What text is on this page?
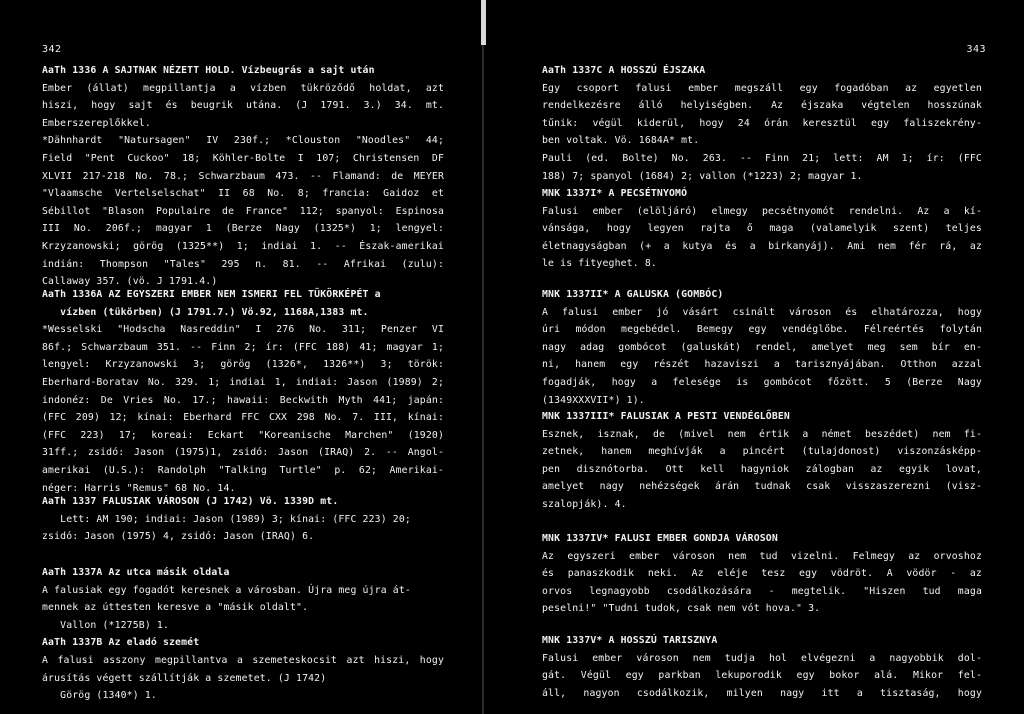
342
AaTh 1336 A SAJTNAK NÉZETT HOLD. Vízbeugrás a sajt után
Ember (állat) megpillantja a vízben tükröződő holdat, azt
hiszi, hogy sajt és beugrik utána. (J 1791. 3.) 34. mt.
Emberszereplőkkel.
*Dähnhardt "Natursagen" IV 230f.; *Clouston "Noodles" 44;
Field "Pent Cuckoo" 18; Köhler-Bolte I 107; Christensen DF
XLVII 217-218 No. 78.; Schwarzbaum 473. -- Flamand: de MEYER
"Vlaamsche Vertelselschat" II 68 No. 8; francia: Gaidoz et
Sébillot "Blason Populaire de France" 112; spanyol: Espinosa
III No. 206f.; magyar 1 (Berze Nagy (1325*) 1; lengyel:
Krzyzanowski; görög (1325**) 1; indiai 1. -- Észak-amerikai
indián: Thompson "Tales" 295 n. 81. -- Afrikai (zulu):
Callaway 357. (vö. J 1791.4.)
AaTh 1336A AZ EGYSZERI EMBER NEM ISMERI FEL TÜKÖRKÉPÉT a
vízben (tükörben) (J 1791.7.) Vö.92, 1168A,1383 mt.
*Wesselski "Hodscha Nasreddin" I 276 No. 311; Penzer VI
86f.; Schwarzbaum 351. -- Finn 2; ír: (FFC 188) 41; magyar 1;
lengyel: Krzyzanowski 3; görög (1326*, 1326**) 3; török:
Eberhard-Boratav No. 329. 1; indiai 1, indiai: Jason (1989) 2;
indonéz: De Vries No. 17.; hawaii: Beckwith Myth 441; japán:
(FFC 209) 12; kínai: Eberhard FFC CXX 298 No. 7. III, kínai:
(FFC 223) 17; koreai: Eckart "Koreanische Marchen" (1920)
31ff.; zsidó: Jason (1975)1, zsidó: Jason (IRAQ) 2. -- Angol-
amerikai (U.S.): Randolph "Talking Turtle" p. 62; Amerikai-
néger: Harris "Remus" 68 No. 14.
AaTh 1337 FALUSIAK VÁROSON (J 1742) Vö. 1339D mt.
Lett: AM 190; indiai: Jason (1989) 3; kínai: (FFC 223) 20;
zsidó: Jason (1975) 4, zsidó: Jason (IRAQ) 6.
AaTh 1337A Az utca másik oldala
A falusiak egy fogadót keresnek a városban. Újra meg újra át-
mennek az úttesten keresve a "másik oldalt".
Vallon (*1275B) 1.
AaTh 1337B Az eladó szemét
A falusi asszony megpillantva a szemeteskocsit azt hiszi, hogy
árusítás végett szállítják a szemetet. (J 1742)
Görög (1340*) 1.
343
AaTh 1337C A HOSSZÚ ÉJSZAKA
Egy csoport falusi ember megszáll egy fogadóban az egyetlen
rendelkezésre álló helyiségben. Az éjszaka végtelen hosszúnak
tűnik: végül kiderül, hogy 24 órán keresztül egy faliszekrény-
ben voltak. Vö. 1684A* mt.
Pauli (ed. Bolte) No. 263. -- Finn 21; lett: AM 1; ír: (FFC
188) 7; spanyol (1684) 2; vallon (*1223) 2; magyar 1.
MNK 1337I* A PECSÉTNYOMÓ
Falusi ember (elöljáró) elmegy pecsétnyomót rendelni. Az a kí-
vánsága, hogy legyen rajta ő maga (valamelyik szent) teljes
életnagyságban (+ a kutya és a birkanyáj). Ami nem fér rá, az
le is fityeghet. 8.
MNK 1337II* A GALUSKA (GOMBÓC)
A falusi ember jó vásárt csinált városon és elhatározza, hogy
úri módon megebédel. Bemegy egy vendéglőbe. Félreértés folytán
nagy adag gombócot (galuskát) rendel, amelyet meg sem bír en-
ni, hanem egy részét hazaviszi a tarisznyájában. Otthon azzal
fogadják, hogy a felesége is gombócot főzött. 5 (Berze Nagy
(1349XXXVII*) 1).
MNK 1337III* FALUSIAK A PESTI VENDÉGLŐBEN
Esznek, isznak, de (mivel nem értik a német beszédet) nem fi-
zetnek, hanem meghívják a pincért (tulajdonost) viszonzásképp-
pen disznótorba. Ott kell hagyniok zálogban az egyik lovat,
amelyet nagy nehézségek árán tudnak csak visszaszerezni (visz-
szalopják). 4.
MNK 1337IV* FALUSI EMBER GONDJA VÁROSON
Az egyszeri ember városon nem tud vizelni. Felmegy az orvoshoz
és panaszkodik neki. Az eléje tesz egy vödröt. A vödör - az
orvos legnagyobb csodálkozására - megtelik. "Hiszen tud maga
peselni!" "Tudni tudok, csak nem vót hova." 3.
MNK 1337V* A HOSSZÚ TARISZNYA
Falusi ember városon nem tudja hol elvégezni a nagyobbik dol-
gát. Végül egy parkban lekuporodik egy bokor alá. Mikor fel-
áll, nagyon csodálkozik, milyen nagy itt a tisztaság, hogy
